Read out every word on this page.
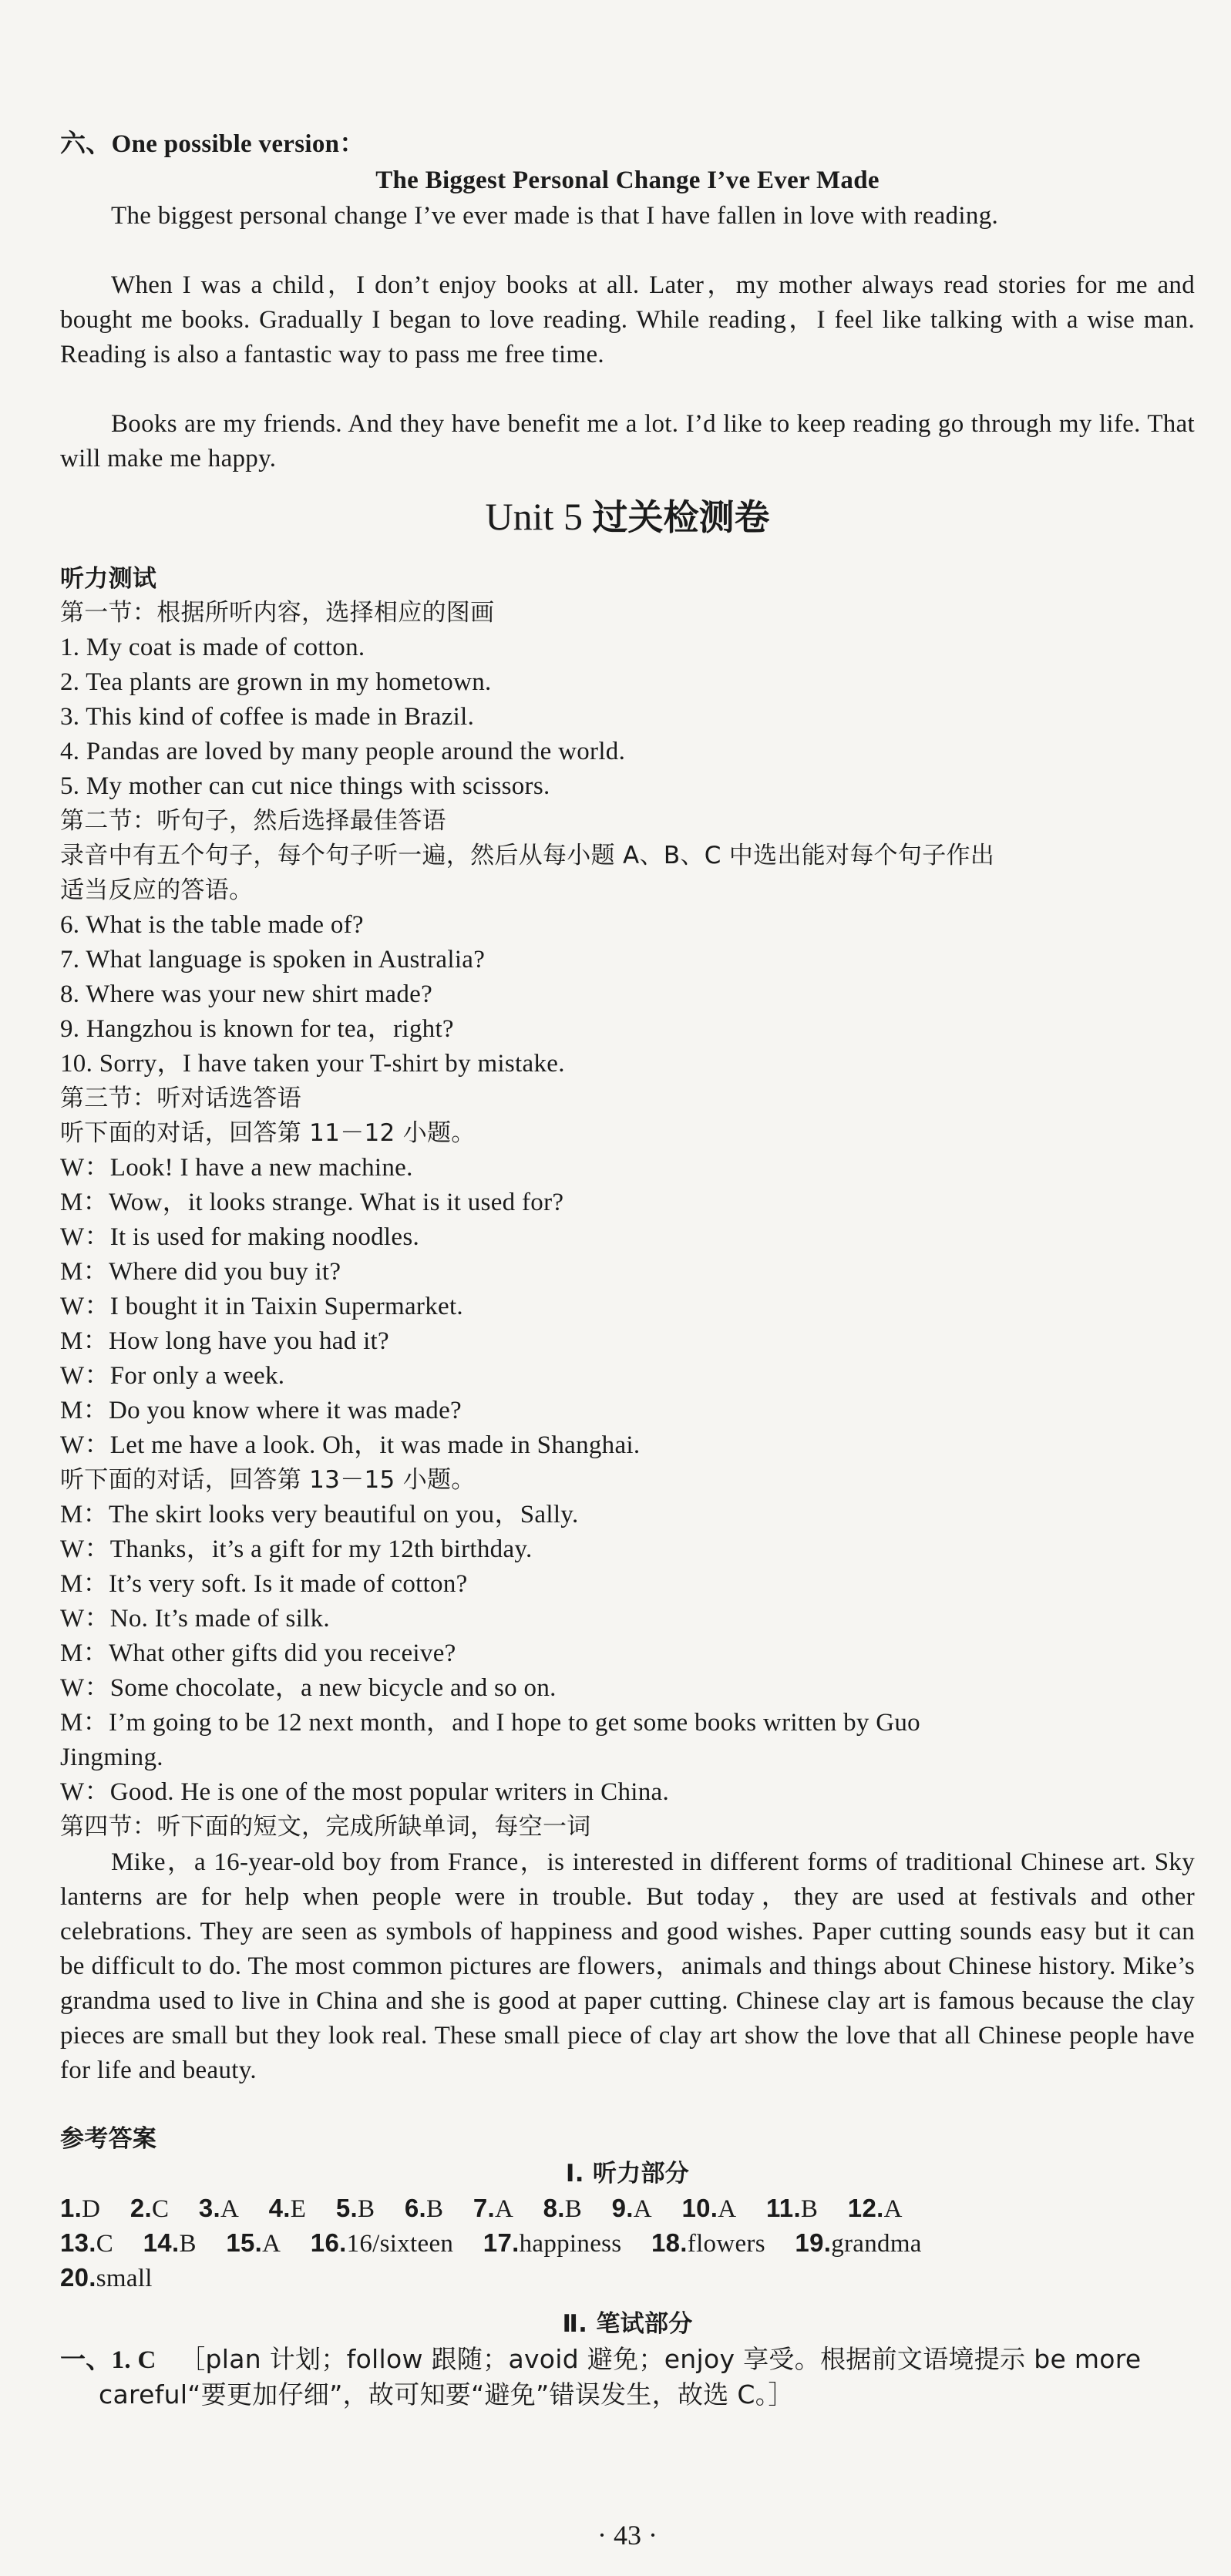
六、One possible version：
The Biggest Personal Change I’ve Ever Made
The biggest personal change I’ve ever made is that I have fallen in love with reading.
When I was a child，I don’t enjoy books at all. Later，my mother always read stories for me and bought me books. Gradually I began to love reading. While reading，I feel like talking with a wise man. Reading is also a fantastic way to pass me free time.
Books are my friends. And they have benefit me a lot. I’d like to keep reading go through my life. That will make me happy.
Unit 5 过关检测卷
听力测试
第一节：根据所听内容，选择相应的图画
1. My coat is made of cotton.
2. Tea plants are grown in my hometown.
3. This kind of coffee is made in Brazil.
4. Pandas are loved by many people around the world.
5. My mother can cut nice things with scissors.
第二节：听句子，然后选择最佳答语
录音中有五个句子，每个句子听一遍，然后从每小题 A、B、C 中选出能对每个句子作出
适当反应的答语。
6. What is the table made of?
7. What language is spoken in Australia?
8. Where was your new shirt made?
9. Hangzhou is known for tea，right?
10. Sorry，I have taken your T-shirt by mistake.
第三节：听对话选答语
听下面的对话，回答第 11－12 小题。
W：Look! I have a new machine.
M：Wow，it looks strange. What is it used for?
W：It is used for making noodles.
M：Where did you buy it?
W：I bought it in Taixin Supermarket.
M：How long have you had it?
W：For only a week.
M：Do you know where it was made?
W：Let me have a look. Oh，it was made in Shanghai.
听下面的对话，回答第 13－15 小题。
M：The skirt looks very beautiful on you，Sally.
W：Thanks，it’s a gift for my 12th birthday.
M：It’s very soft. Is it made of cotton?
W：No. It’s made of silk.
M：What other gifts did you receive?
W：Some chocolate，a new bicycle and so on.
M：I’m going to be 12 next month，and I hope to get some books written by Guo
Jingming.
W：Good. He is one of the most popular writers in China.
第四节：听下面的短文，完成所缺单词，每空一词
Mike，a 16-year-old boy from France，is interested in different forms of traditional Chinese art. Sky lanterns are for help when people were in trouble. But today，they are used at festivals and other celebrations. They are seen as symbols of happiness and good wishes. Paper cutting sounds easy but it can be difficult to do. The most common pictures are flowers，animals and things about Chinese history. Mike’s grandma used to live in China and she is good at paper cutting. Chinese clay art is famous because the clay pieces are small but they look real. These small piece of clay art show the love that all Chinese people have for life and beauty.
参考答案
Ⅰ. 听力部分
1.D 2.C 3.A 4.E 5.B 6.B 7.A 8.B 9.A 10.A 11.B 12.A
13.C 14.B 15.A 16.16/sixteen 17.happiness 18.flowers 19.grandma
20.small
Ⅱ. 笔试部分
一、1. C ［plan 计划；follow 跟随；avoid 避免；enjoy 享受。根据前文语境提示 be more
careful“要更加仔细”，故可知要“避免”错误发生，故选 C。］
· 43 ·
